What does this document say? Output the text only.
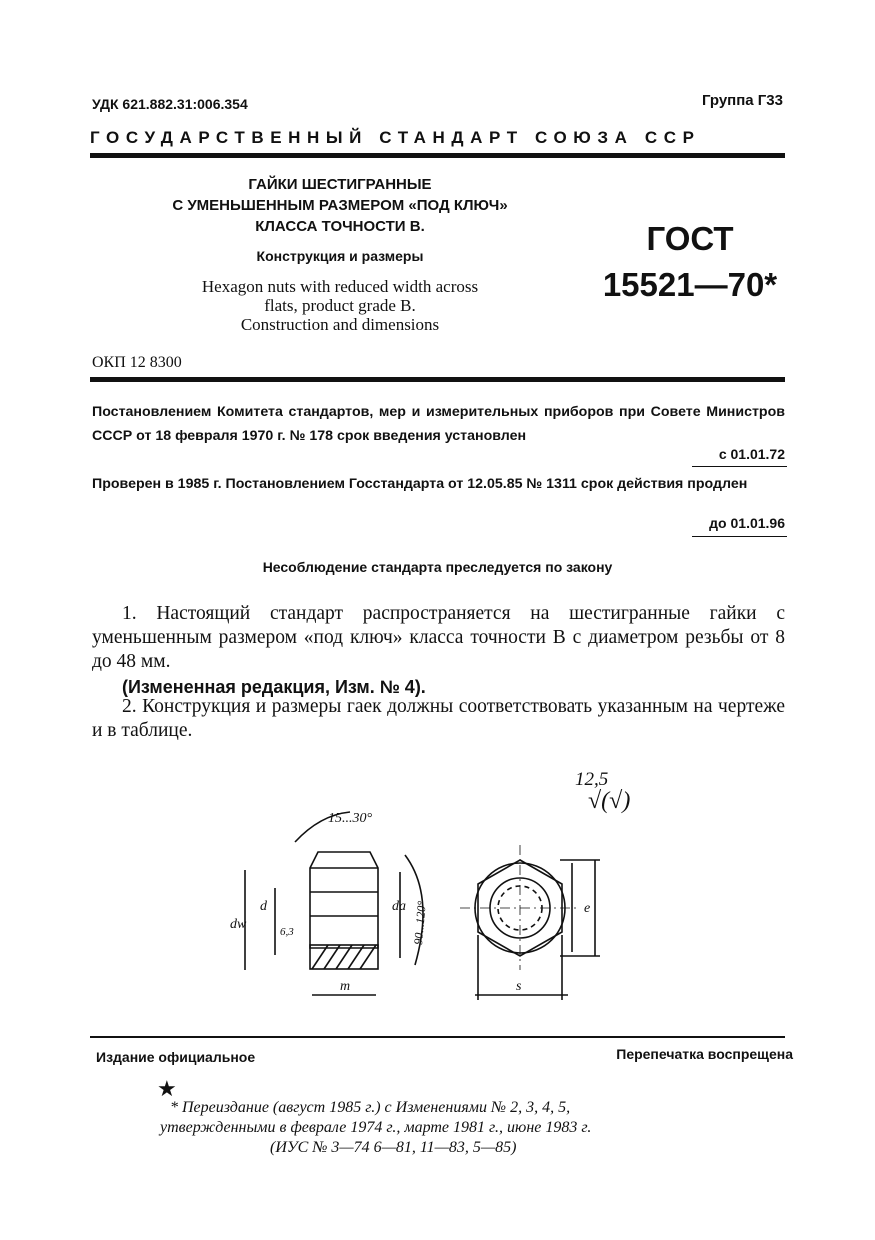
УДК 621.882.31:006.354	Группа Г33
ГОСУДАРСТВЕННЫЙ СТАНДАРТ СОЮЗА ССР
ГАЙКИ ШЕСТИГРАННЫЕ
С УМЕНЬШЕННЫМ РАЗМЕРОМ «ПОД КЛЮЧ»
КЛАССА ТОЧНОСТИ В.
Конструкция и размеры
Hexagon nuts with reduced width across
flats, product grade B.
Construction and dimensions
ГОСТ
15521—70*
ОКП 12 8300
Постановлением Комитета стандартов, мер и измерительных приборов при Совете Министров СССР от 18 февраля 1970 г. № 178 срок введения установлен
с 01.01.72
Проверен в 1985 г. Постановлением Госстандарта от 12.05.85 № 1311 срок действия продлен
до 01.01.96
Несоблюдение стандарта преследуется по закону
1. Настоящий стандарт распространяется на шестигранные гайки с уменьшенным размером «под ключ» класса точности В с диаметром резьбы от 8 до 48 мм.
(Измененная редакция, Изм. № 4).
2. Конструкция и размеры гаек должны соответствовать указанным на чертеже и в таблице.
12,5
√(√)
15...30°
dw
d	da
m	s
e
6,3	90...120°
Издание официальное	Перепечатка воспрещена
★
* Переиздание (август 1985 г.) с Изменениями № 2, 3, 4, 5,
утвержденными в феврале 1974 г., марте 1981 г., июне 1983 г.
(ИУС № 3—74 6—81, 11—83, 5—85)
